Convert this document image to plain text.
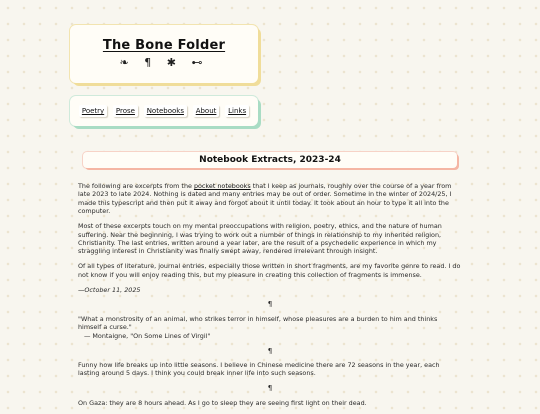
The Bone Folder
❧ ¶ ✱ ⊷
Poetry	Prose	Notebooks	About	Links
Notebook Extracts, 2023-24

The following are excerpts from the pocket notebooks that I keep as journals, roughly over the course of a year from late 2023 to late 2024. Nothing is dated and many entries may be out of order. Sometime in the winter of 2024/25, I made this typescript and then put it away and forgot about it until today. It took about an hour to type it all into the computer.

Most of these excerpts touch on my mental preoccupations with religion, poetry, ethics, and the nature of human suffering. Near the beginning, I was trying to work out a number of things in relationship to my inherited religion, Christianity. The last entries, written around a year later, are the result of a psychedelic experience in which my straggling interest in Christianity was finally swept away, rendered irrelevant through insight.

Of all types of literature, journal entries, especially those written in short fragments, are my favorite genre to read. I do not know if you will enjoy reading this, but my pleasure in creating this collection of fragments is immense.

—October 11, 2025

¶

"What a monstrosity of an animal, who strikes terror in himself, whose pleasures are a burden to him and thinks himself a curse."
— Montaigne, "On Some Lines of Virgil"

¶

Funny how life breaks up into little seasons. I believe in Chinese medicine there are 72 seasons in the year, each lasting around 5 days. I think you could break inner life into such seasons.

¶

On Gaza: they are 8 hours ahead. As I go to sleep they are seeing first light on their dead.
